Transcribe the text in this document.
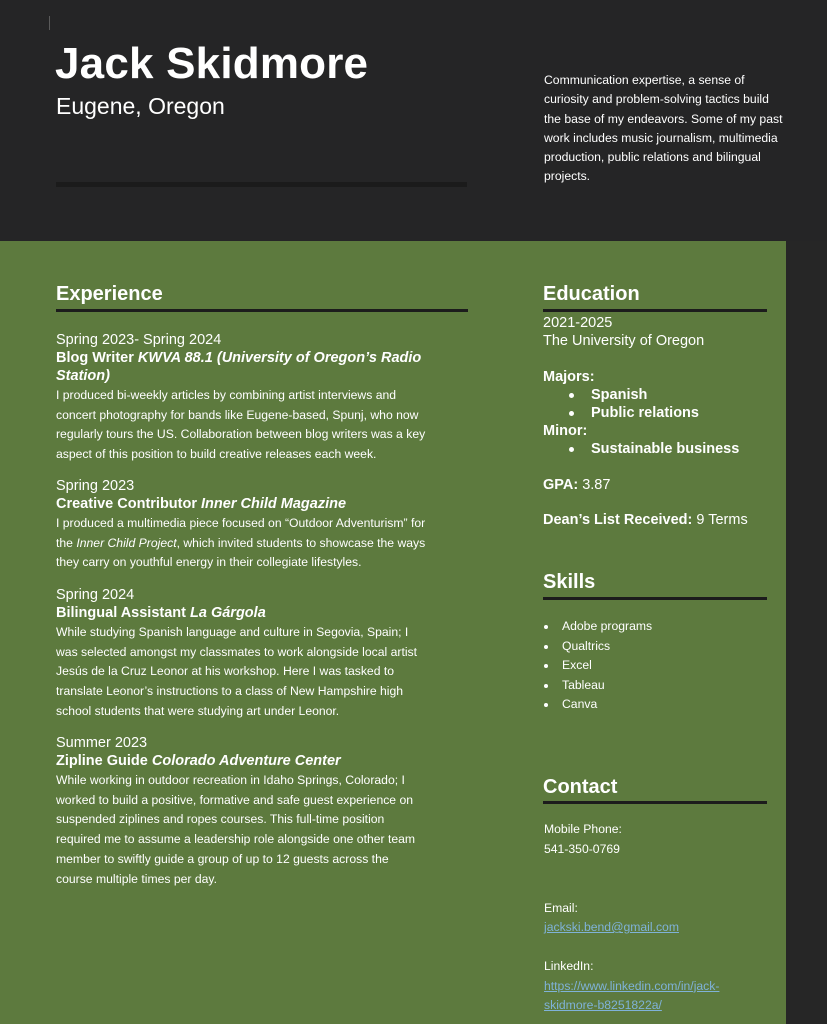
Jack Skidmore
Eugene, Oregon
Communication expertise, a sense of curiosity and problem-solving tactics build the base of my endeavors. Some of my past work includes music journalism, multimedia production, public relations and bilingual projects.
Experience
Spring 2023- Spring 2024
Blog Writer KWVA 88.1 (University of Oregon’s Radio Station)
I produced bi-weekly articles by combining artist interviews and concert photography for bands like Eugene-based, Spunj, who now regularly tours the US. Collaboration between blog writers was a key aspect of this position to build creative releases each week.
Spring 2023
Creative Contributor Inner Child Magazine
I produced a multimedia piece focused on “Outdoor Adventurism” for the Inner Child Project, which invited students to showcase the ways they carry on youthful energy in their collegiate lifestyles.
Spring 2024
Bilingual Assistant La Gárgola
While studying Spanish language and culture in Segovia, Spain; I was selected amongst my classmates to work alongside local artist Jesús de la Cruz Leonor at his workshop. Here I was tasked to translate Leonor’s instructions to a class of New Hampshire high school students that were studying art under Leonor.
Summer 2023
Zipline Guide Colorado Adventure Center
While working in outdoor recreation in Idaho Springs, Colorado; I worked to build a positive, formative and safe guest experience on suspended ziplines and ropes courses. This full-time position required me to assume a leadership role alongside one other team member to swiftly guide a group of up to 12 guests across the course multiple times per day.
Education
2021-2025
The University of Oregon
Majors:
Spanish
Public relations
Minor:
Sustainable business
GPA: 3.87
Dean’s List Received: 9 Terms
Skills
Adobe programs
Qualtrics
Excel
Tableau
Canva
Contact
Mobile Phone:
541-350-0769
Email:
jackski.bend@gmail.com
LinkedIn:
https://www.linkedin.com/in/jack-
skidmore-b8251822a/
